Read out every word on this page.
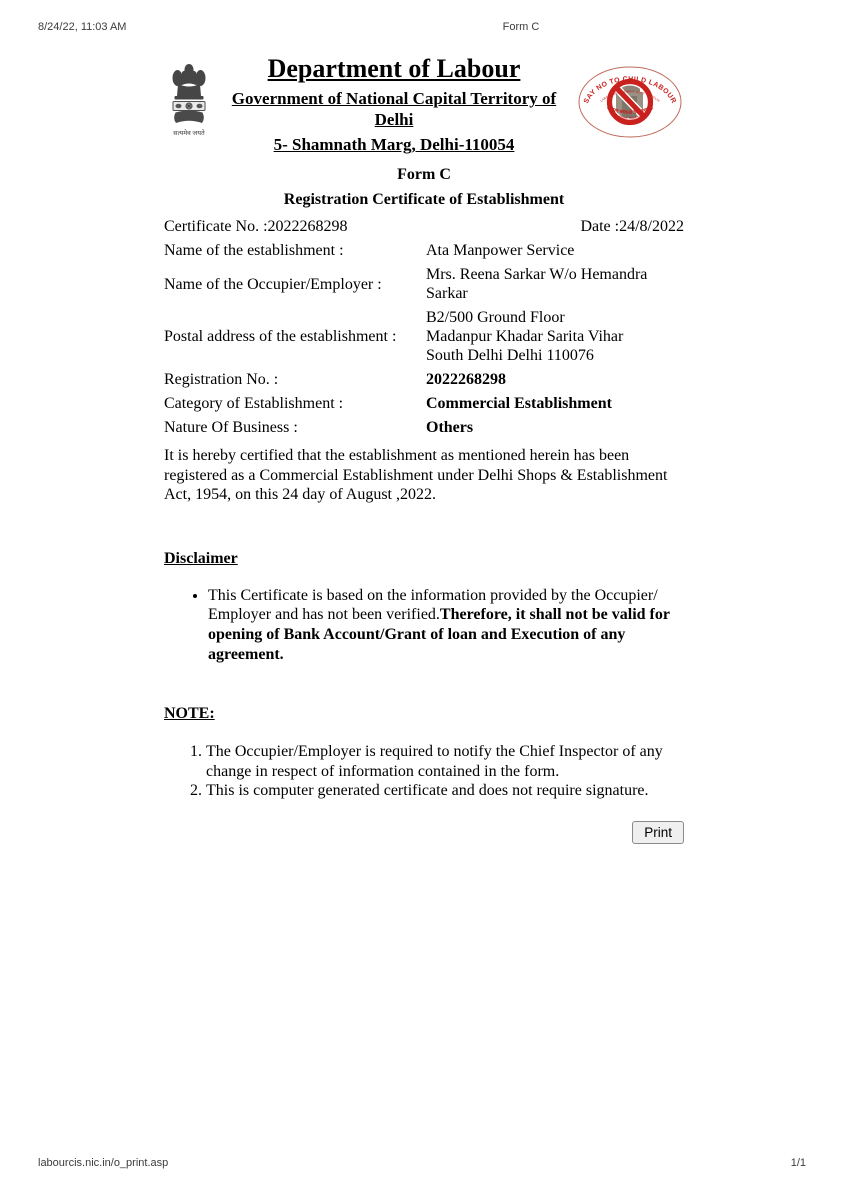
8/24/22, 11:03 AM	Form C
सत्यमेव जयते
Department of Labour
Government of National Capital Territory of Delhi
5- Shamnath Marg, Delhi-110054
SAY NO TO CHILD LABOUR
LABOUR DEPARTMENT, GOVT. OF DELHI
बचपन बचाओ देश बचाओ
श्रम विभाग, दिल्ली सरकार
Form C
Registration Certificate of Establishment
Certificate No. :2022268298	Date :24/8/2022
Name of the establishment :	Ata Manpower Service
Name of the Occupier/Employer :	Mrs. Reena Sarkar W/o Hemandra Sarkar
Postal address of the establishment :	B2/500 Ground Floor
Madanpur Khadar Sarita Vihar
South Delhi Delhi 110076

Registration No. :	2022268298
Category of Establishment :	Commercial Establishment
Nature Of Business :	Others

It is hereby certified that the establishment as mentioned herein has been registered as a Commercial Establishment under Delhi Shops & Establishment Act, 1954, on this 24 day of August ,2022.

Disclaimer
• This Certificate is based on the information provided by the Occupier/ Employer and has not been verified.Therefore, it shall not be valid for opening of Bank Account/Grant of loan and Execution of any agreement.
NOTE:
1. The Occupier/Employer is required to notify the Chief Inspector of any change in respect of information contained in the form.
2. This is computer generated certificate and does not require signature.
Print
labourcis.nic.in/o_print.asp	1/1
